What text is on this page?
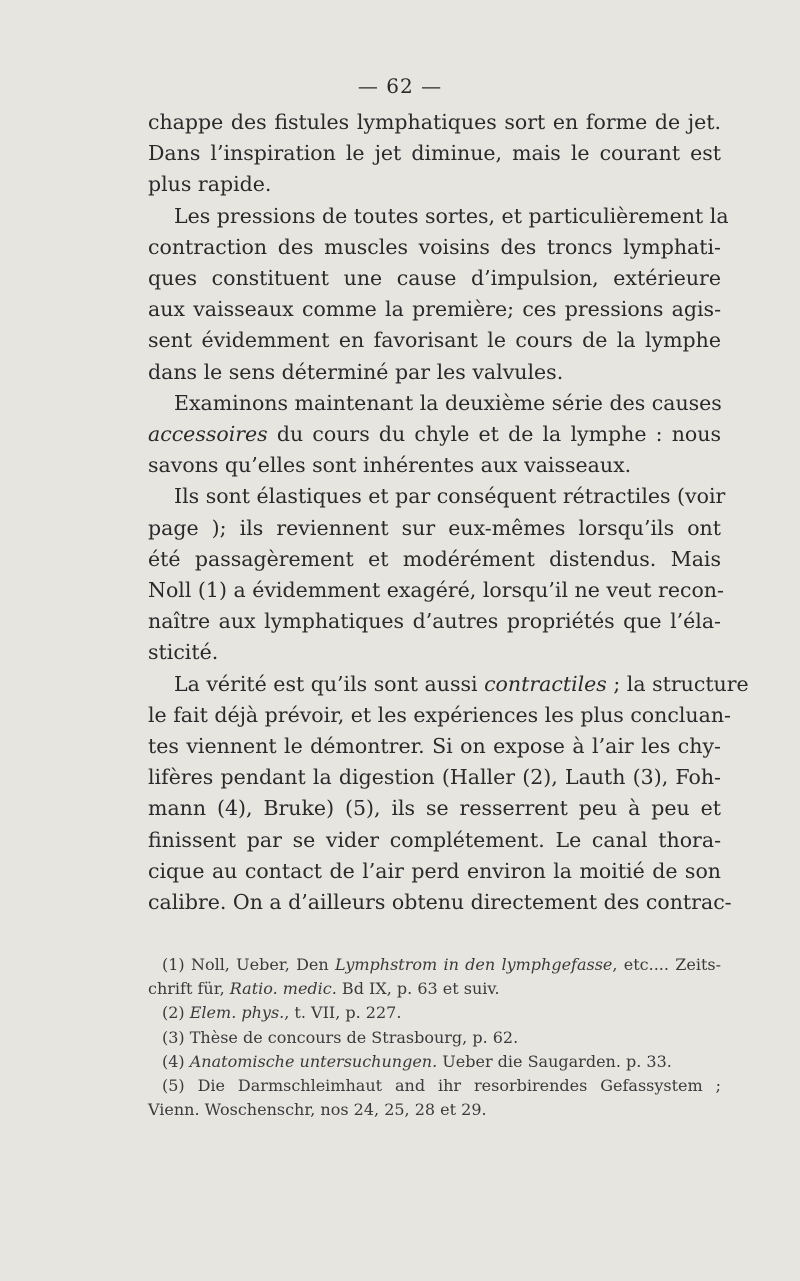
— 62 —
chappe des fistules lymphatiques sort en forme de jet.
Dans l’inspiration le jet diminue, mais le courant est
plus rapide.
Les pressions de toutes sortes, et particulièrement la
contraction des muscles voisins des troncs lymphati-
ques constituent une cause d’impulsion, extérieure
aux vaisseaux comme la première; ces pressions agis-
sent évidemment en favorisant le cours de la lymphe
dans le sens déterminé par les valvules.
Examinons maintenant la deuxième série des causes
accessoires du cours du chyle et de la lymphe : nous
savons qu’elles sont inhérentes aux vaisseaux.
Ils sont élastiques et par conséquent rétractiles (voir
page ); ils reviennent sur eux-mêmes lorsqu’ils ont
été passagèrement et modérément distendus. Mais
Noll (1) a évidemment exagéré, lorsqu’il ne veut recon-
naître aux lymphatiques d’autres propriétés que l’éla-
sticité.
La vérité est qu’ils sont aussi contractiles ; la structure
le fait déjà prévoir, et les expériences les plus concluan-
tes viennent le démontrer. Si on expose à l’air les chy-
lifères pendant la digestion (Haller (2), Lauth (3), Foh-
mann (4), Bruke) (5), ils se resserrent peu à peu et
finissent par se vider complétement. Le canal thora-
cique au contact de l’air perd environ la moitié de son
calibre. On a d’ailleurs obtenu directement des contrac-
(1) Noll, Ueber, Den Lymphstrom in den lymphgefasse, etc.... Zeits-
chrift für, Ratio. medic. Bd IX, p. 63 et suiv.
(2) Elem. phys., t. VII, p. 227.
(3) Thèse de concours de Strasbourg, p. 62.
(4) Anatomische untersuchungen. Ueber die Saugarden. p. 33.
(5) Die Darmschleimhaut and ihr resorbirendes Gefassystem ;
Vienn. Woschenschr, nos 24, 25, 28 et 29.
